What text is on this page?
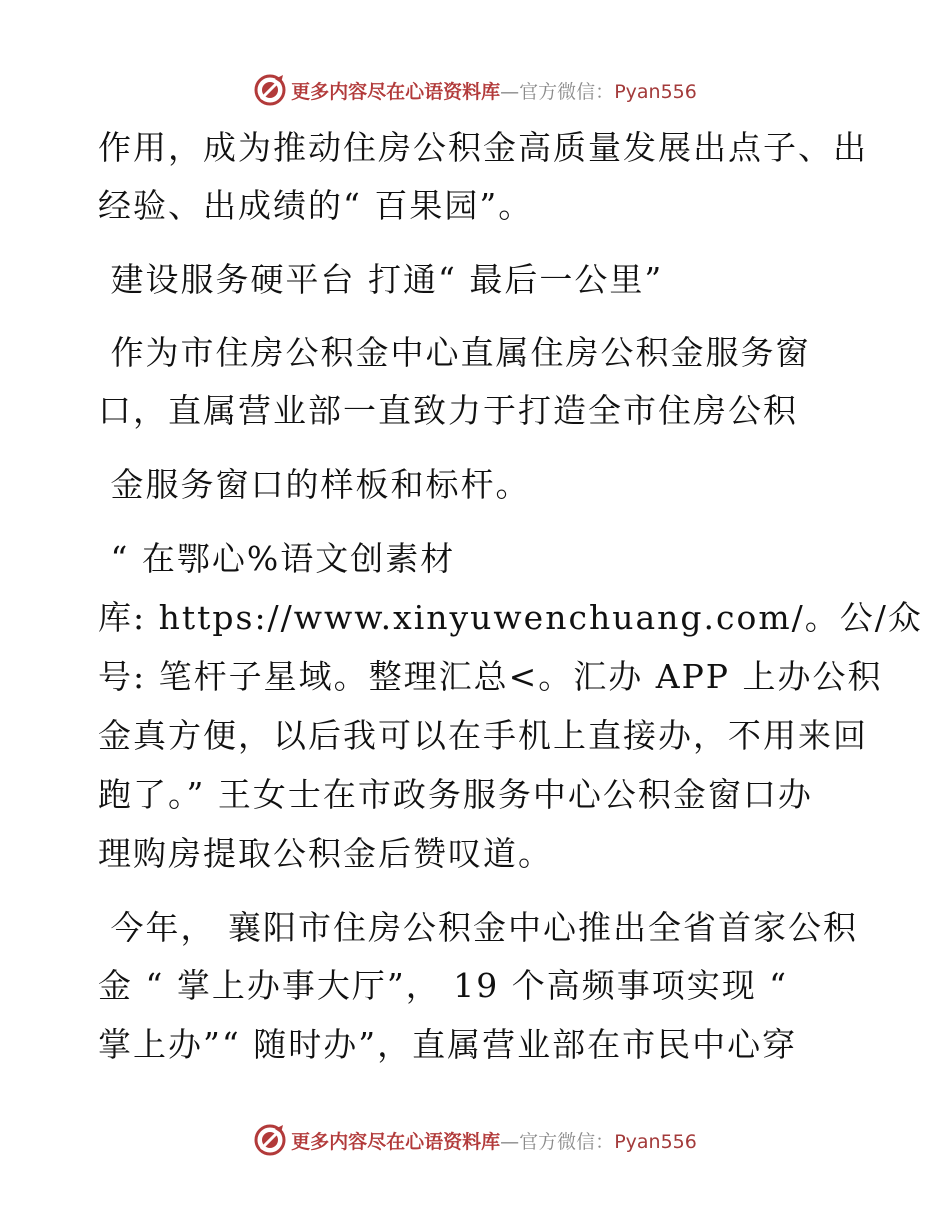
更多内容尽在心语资料库—官方微信：Pyan556
作用，成为推动住房公积金高质量发展出点子、出
经验、出成绩的“ 百果园”。
建设服务硬平台 打通“ 最后一公里”
作为市住房公积金中心直属住房公积金服务窗
口，直属营业部一直致力于打造全市住房公积
金服务窗口的样板和标杆。
“ 在鄂心%语文创素材
库: https://www.xinyuwenchuang.com/。公/众
号: 笔杆子星域。整理汇总<。汇办 APP 上办公积
金真方便，以后我可以在手机上直接办，不用来回
跑了。” 王女士在市政务服务中心公积金窗口办
理购房提取公积金后赞叹道。
今年， 襄阳市住房公积金中心推出全省首家公积
金 “ 掌上办事大厅”， 19 个高频事项实现 “
掌上办”“ 随时办”，直属营业部在市民中心穿
更多内容尽在心语资料库—官方微信：Pyan556
